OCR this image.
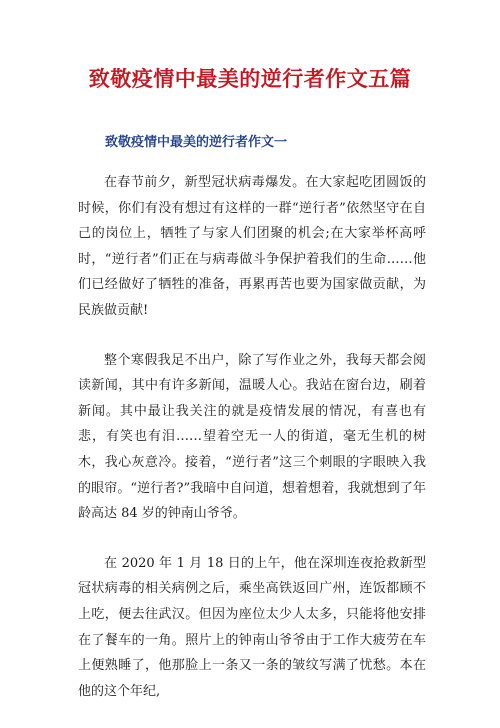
致敬疫情中最美的逆行者作文五篇
致敬疫情中最美的逆行者作文一

在春节前夕，新型冠状病毒爆发。在大家起吃团圆饭的时候，你们有没有想过有这样的一群“逆行者”依然坚守在自己的岗位上，牺牲了与家人们团聚的机会;在大家举杯高呼时，“逆行者”们正在与病毒做斗争保护着我们的生命……他们已经做好了牺牲的准备，再累再苦也要为国家做贡献，为民族做贡献!

整个寒假我足不出户，除了写作业之外，我每天都会阅读新闻，其中有许多新闻，温暖人心。我站在窗台边，刷着新闻。其中最让我关注的就是疫情发展的情况，有喜也有悲，有笑也有泪……望着空无一人的街道，毫无生机的树木，我心灰意冷。接着，“逆行者”这三个刺眼的字眼映入我的眼帘。“逆行者?”我暗中自问道，想着想着，我就想到了年龄高达 84 岁的钟南山爷爷。

在 2020 年 1 月 18 日的上午，他在深圳连夜抢救新型冠状病毒的相关病例之后，乘坐高铁返回广州，连饭都顾不上吃，便去往武汉。但因为座位太少人太多，只能将他安排在了餐车的一角。照片上的钟南山爷爷由于工作大疲劳在车上便熟睡了，他那脸上一条又一条的皱纹写满了忧愁。本在他的这个年纪,
